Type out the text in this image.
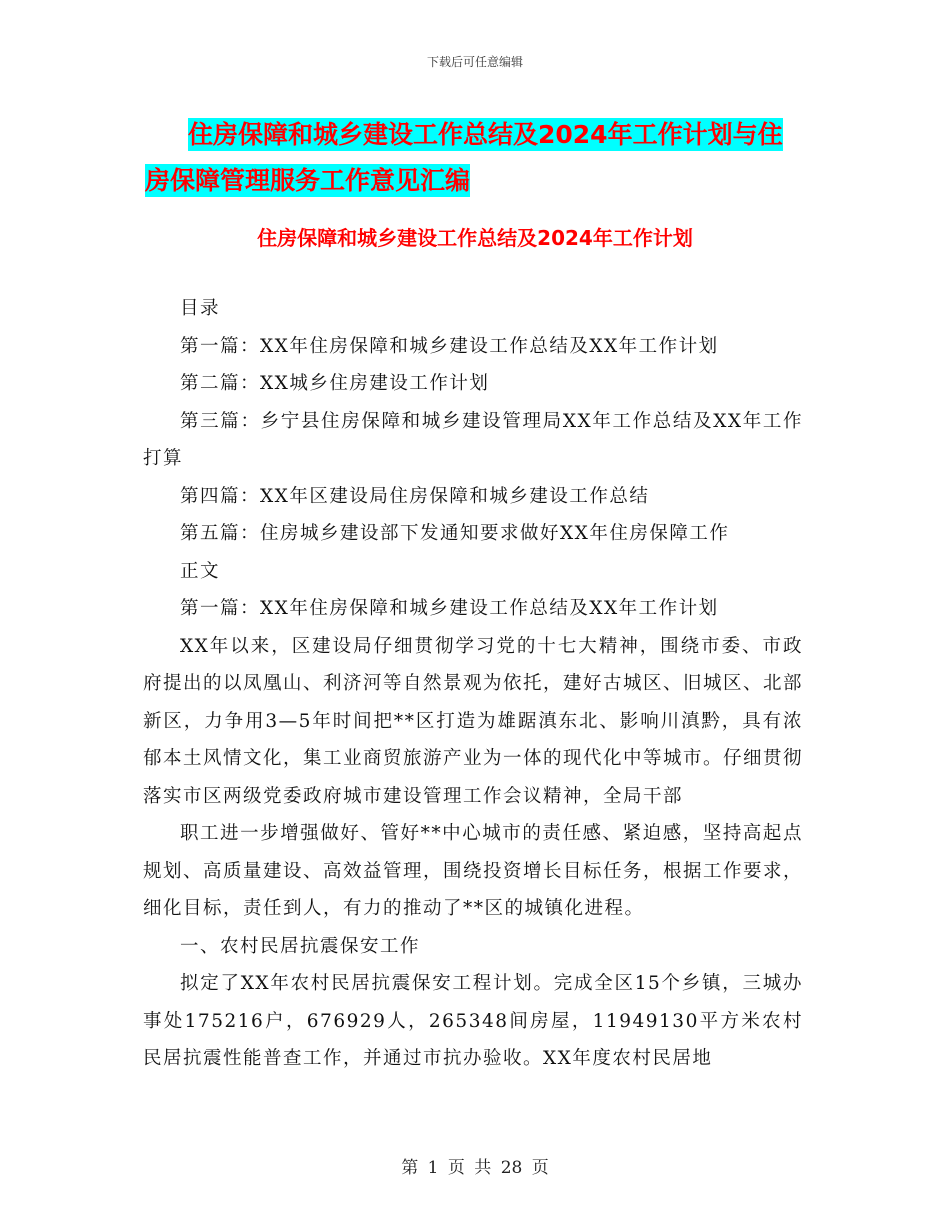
下载后可任意编辑
住房保障和城乡建设工作总结及2024年工作计划与住
房保障管理服务工作意见汇编
住房保障和城乡建设工作总结及2024年工作计划

目录

第一篇：XX年住房保障和城乡建设工作总结及XX年工作计划

第二篇：XX城乡住房建设工作计划

第三篇：乡宁县住房保障和城乡建设管理局XX年工作总结及XX年工作打算

第四篇：XX年区建设局住房保障和城乡建设工作总结

第五篇：住房城乡建设部下发通知要求做好XX年住房保障工作

正文

第一篇：XX年住房保障和城乡建设工作总结及XX年工作计划

XX年以来，区建设局仔细贯彻学习党的十七大精神，围绕市委、市政府提出的以凤凰山、利济河等自然景观为依托，建好古城区、旧城区、北部新区，力争用3—5年时间把**区打造为雄踞滇东北、影响川滇黔，具有浓郁本土风情文化，集工业商贸旅游产业为一体的现代化中等城市。仔细贯彻落实市区两级党委政府城市建设管理工作会议精神，全局干部

职工进一步增强做好、管好**中心城市的责任感、紧迫感，坚持高起点规划、高质量建设、高效益管理，围绕投资增长目标任务，根据工作要求，细化目标，责任到人，有力的推动了**区的城镇化进程。

一、农村民居抗震保安工作

拟定了XX年农村民居抗震保安工程计划。完成全区15个乡镇，三城办事处175216户，676929人，265348间房屋，11949130平方米农村民居抗震性能普查工作，并通过市抗办验收。XX年度农村民居地

第 1 页 共 28 页
